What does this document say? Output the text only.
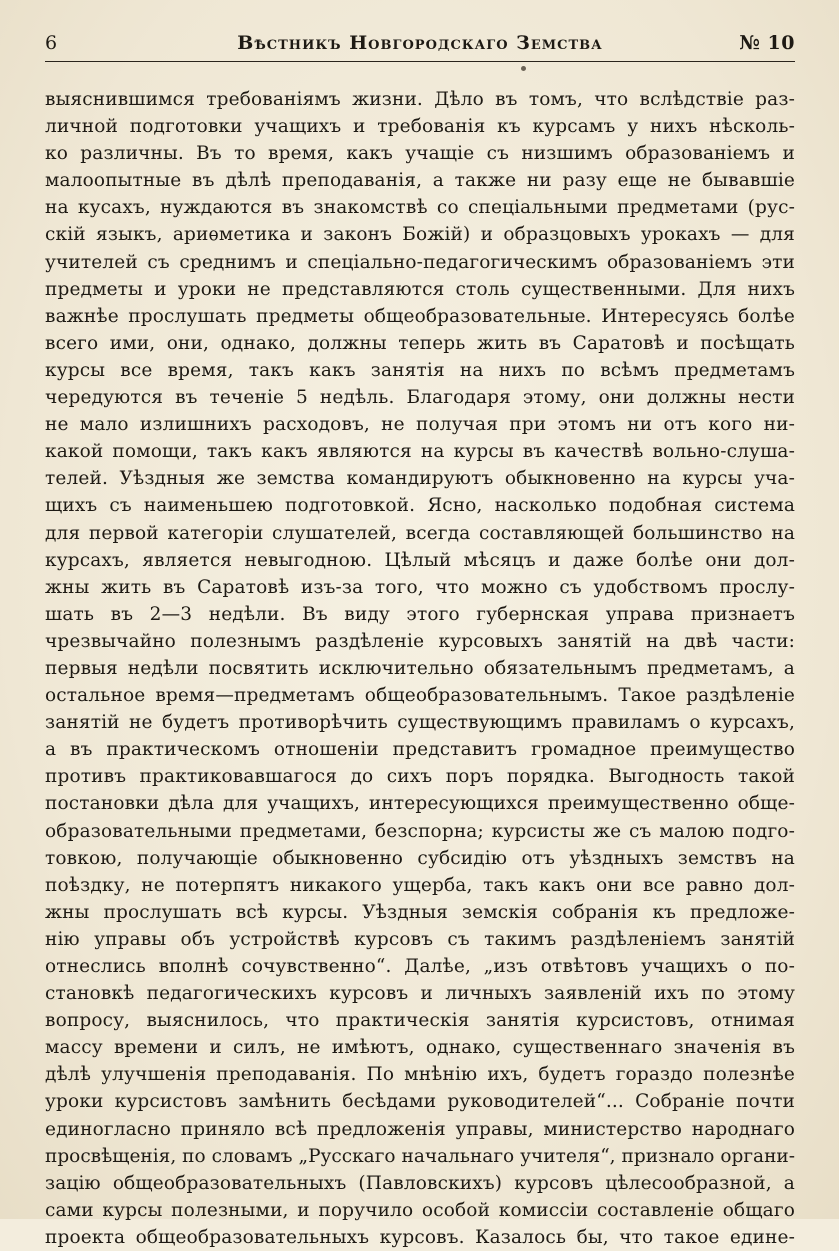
6	Вѣстникъ Новгородскаго Земства	№ 10
выяснившимся требованіямъ жизни. Дѣло въ томъ, что вслѣдствіе раз-
личной подготовки учащихъ и требованія къ курсамъ у нихъ нѣсколь-
ко различны. Въ то время, какъ учащіе съ низшимъ образованіемъ и
малоопытные въ дѣлѣ преподаванія, а также ни разу еще не бывавшіе
на кусахъ, нуждаются въ знакомствѣ со спеціальными предметами (рус-
скій языкъ, ариѳметика и законъ Божій) и образцовыхъ урокахъ — для
учителей съ среднимъ и спеціально-педагогическимъ образованіемъ эти
предметы и уроки не представляются столь существенными. Для нихъ
важнѣе прослушать предметы общеобразовательные. Интересуясь болѣе
всего ими, они, однако, должны теперь жить въ Саратовѣ и посѣщать
курсы все время, такъ какъ занятія на нихъ по всѣмъ предметамъ
чередуются въ теченіе 5 недѣль. Благодаря этому, они должны нести
не мало излишнихъ расходовъ, не получая при этомъ ни отъ кого ни-
какой помощи, такъ какъ являются на курсы въ качествѣ вольно-слуша-
телей. Уѣздныя же земства командируютъ обыкновенно на курсы уча-
щихъ съ наименьшею подготовкой. Ясно, насколько подобная система
для первой категоріи слушателей, всегда составляющей большинство на
курсахъ, является невыгодною. Цѣлый мѣсяцъ и даже болѣе они дол-
жны жить въ Саратовѣ изъ-за того, что можно съ удобствомъ прослу-
шать въ 2—3 недѣли. Въ виду этого губернская управа признаетъ
чрезвычайно полезнымъ раздѣленіе курсовыхъ занятій на двѣ части:
первыя недѣли посвятить исключительно обязательнымъ предметамъ, а
остальное время—предметамъ общеобразовательнымъ. Такое раздѣленіе
занятій не будетъ противорѣчить существующимъ правиламъ о курсахъ,
а въ практическомъ отношеніи представитъ громадное преимущество
противъ практиковавшагося до сихъ поръ порядка. Выгодность такой
постановки дѣла для учащихъ, интересующихся преимущественно обще-
образовательными предметами, безспорна; курсисты же съ малою подго-
товкою, получающіе обыкновенно субсидію отъ уѣздныхъ земствъ на
поѣздку, не потерпятъ никакого ущерба, такъ какъ они все равно дол-
жны прослушать всѣ курсы. Уѣздныя земскія собранія къ предложе-
нію управы объ устройствѣ курсовъ съ такимъ раздѣленіемъ занятій
отнеслись вполнѣ сочувственно“. Далѣе, „изъ отвѣтовъ учащихъ о по-
становкѣ педагогическихъ курсовъ и личныхъ заявленій ихъ по этому
вопросу, выяснилось, что практическія занятія курсистовъ, отнимая
массу времени и силъ, не имѣютъ, однако, существеннаго значенія въ
дѣлѣ улучшенія преподаванія. По мнѣнію ихъ, будетъ гораздо полезнѣе
уроки курсистовъ замѣнить бесѣдами руководителей“... Собраніе почти
единогласно приняло всѣ предложенія управы, министерство народнаго
просвѣщенія, по словамъ „Русскаго начальнаго учителя“, признало органи-
зацію общеобразовательныхъ (Павловскихъ) курсовъ цѣлесообразной, а
сами курсы полезными, и поручило особой комиссіи составленіе общаго
проекта общеобразовательныхъ курсовъ. Казалось бы, что такое едине-
